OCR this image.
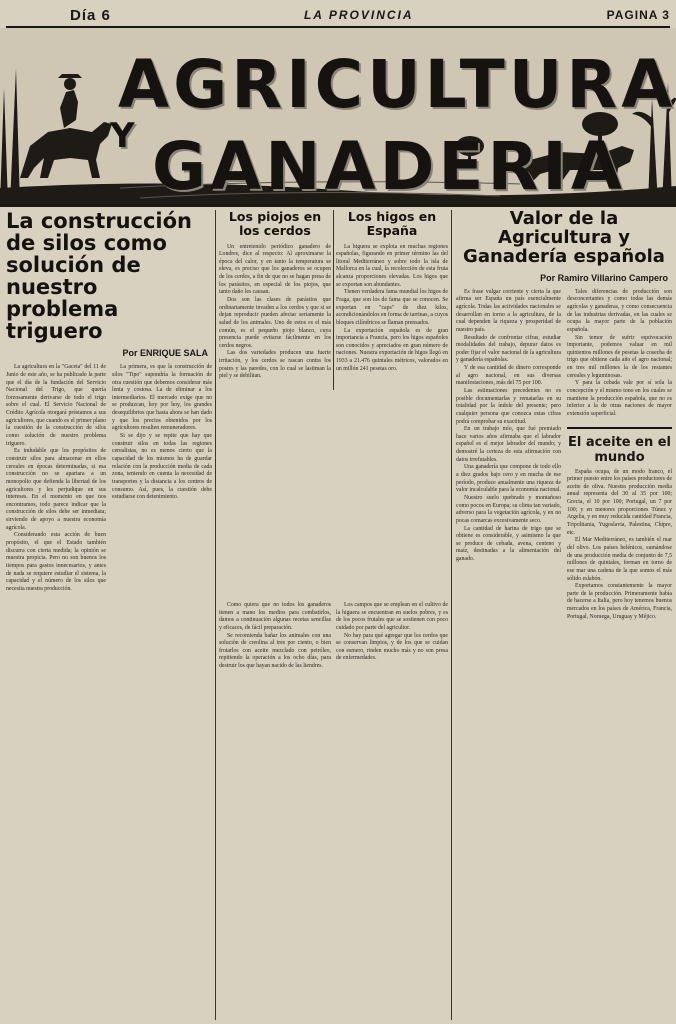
Día 6	LA PROVINCIA	PAGINA 3
AGRICULTURA
Y GANADERIA
La construcción de silos como solución de nuestro problema triguero
Por ENRIQUE SALA

La agricultura en la "Gaceta" del 11 de Junio de este año, se ha publicado la parte que el día de la fundación del Servicio Nacional del Trigo, que quería forzosamente derivarse de todo el trigo sobre el cual. El Servicio Nacional de Crédito Agrícola otorgará préstamos a sus agricultores, que cuando es el primer plano la cuestión de la construcción de silos como solución de nuestro problema triguero.

Es indudable que los propósitos de construir silos para almacenar en ellos cereales en épocas determinadas, si esa construcción no se apartara a un monopolio que defienda la libertad de los agricultores y les perjudique en sus intereses. En el momento en que nos encontramos, todo parece indicar que la construcción de silos debe ser inmediata; sirviendo de apoyo a nuestra economía agrícola.

Considerando esta acción de buen propósito, el que el Estado también discurra con cierta medida; la opinión se muestra propicia. Pero no son buenos los tiempos para gastos innecesarios, y antes de nada se requiere estudiar el sistema, la capacidad y el número de los silos que necesita nuestra producción.

La primera, es que la construcción de silos "Tipo" supondría la formación de otra cuestión que debemos considerar más lenta y costosa. La de eliminar a los intermediarios. El mercado exige que no se produzcan, hoy por hoy, los grandes desequilibrios que hasta ahora se han dado y que los precios obtenidos por los agricultores resulten remuneradores.

Si se dijo y se repite que hay que construir silos en todas las regiones cerealistas, no es menos cierto que la capacidad de los mismos ha de guardar relación con la producción media de cada zona, teniendo en cuenta la necesidad de transportes y la distancia a los centros de consumo. Así, pues, la cuestión debe estudiarse con detenimiento.

Los piojos en los cerdos

Un entretenido periódico ganadero de Londres, dice al respecto: Al aproximarse la época del calor, y en tanto la temperatura se eleva, es preciso que los ganaderos se ocupen de los cerdos, a fin de que no se hagan presa de los parásitos, en especial de los piojos, que tanto daño les causan.

Dos son las clases de parásitos que ordinariamente invaden a los cerdos y que si se dejan reproducir pueden afectar seriamente la salud de los animales. Uno de estos es el más común, es el pequeño piojo blanco, cuya presencia puede evitarse fácilmente en los cerdos negros.

Las dos variedades producen una fuerte irritación, y los cerdos se rascan contra los postes y las paredes, con lo cual se lastiman la piel y se debilitan.

Como quiera que no todos los ganaderos tienen a mano los medios para combatirlos, damos a continuación algunas recetas sencillas y eficaces, de fácil preparación.

Se recomienda bañar los animales con una solución de creolina al tres por ciento, o bien frotarlos con aceite mezclado con petróleo, repitiendo la operación a los ocho días, para destruir los que hayan nacido de las liendres.

Los higos en España

La higuera se explota en muchas regiones españolas, figurando en primer término las del litoral Mediterráneo y sobre todo la isla de Mallorca en la cual, la recolección de esta fruta alcanza proporciones elevadas. Los higos que se exportan son abundantes.

Tienen verdadera fama mundial los higos de Fraga, que son los de fama que se conocen. Se exportan en "caps" de diez kilos, acondicionándolos en forma de tarrinas, a cuyos bloques cilíndricos se llaman prensados.

La exportación española es de gran importancia a Francia, pero los higos españoles son conocidos y apreciados en gran número de naciones. Nuestra exportación de higos llegó en 1933 a 21.476 quintales métricos, valorados en un millón 241 pesetas oro.

Los campos que se emplean en el cultivo de la higuera se encuentran en suelos pobres, y es de los pocos frutales que se sostienen con poco cuidado por parte del agricultor.

No hay para qué agregar que los cerdos que se conservan limpios, y de los que se cuidan con esmero, rinden mucho más y no son presa de enfermedades.

Valor de la Agricultura y Ganadería española
Por Ramiro Villarino Campero

Es frase vulgar corriente y cierta la que afirma ser España un país esencialmente agrícola. Todas las actividades nacionales se desarrollan en torno a la agricultura, de la cual dependen la riqueza y prosperidad de nuestro país.

Resultado de confrontar cifras, estudiar modalidades del trabajo, depurar datos es poder fijar el valor nacional de la agricultura y ganadería españolas.

Y de esa cantidad de dinero corresponde al agro nacional, en sus diversas manifestaciones, más del 75 por 100.

Las estimaciones precedentes no es posible documentarlas y rematarlas en su totalidad por la índole del presente; pero cualquier persona que conozca estas cifras podrá comprobar su exactitud.

En un trabajo mío, que fué premiado hace varios años afirmaba que el labrador español es el mejor labrador del mundo; y demostré la certeza de esta afirmación con datos irrefutables.

Una ganadería que compone de todo ello a diez grados bajo cero y en mucha de ese período, produce anualmente una riqueza de valor incalculable para la economía nacional.

Nuestro suelo quebrado y montañoso como pocos en Europa; su clima tan variado, adverso para la vegetación agrícola, y en no pocas comarcas excesivamente seco.

La cantidad de harina de trigo que se obtiene es considerable, y asimismo la que se produce de cebada, avena, centeno y maíz, destinadas a la alimentación del ganado.

Tales diferencias de producción son desconcertantes y como todas las demás agrícolas y ganaderas, y como consecuencia de las industrias derivadas, en las cuales se ocupa la mayor parte de la población española.

Sin temor de sufrir equivocación importante, podemos valuar en mil quinientos millones de pesetas la cosecha de trigo que obtiene cada año el agro nacional; en tres mil millones la de los restantes cereales y leguminosas.

Y para la cebada vale por sí sola la concepción y el mismo tono en los cuales se mantiene la producción española, que no es inferior a la de otras naciones de mayor extensión superficial.

El aceite en el mundo

España ocupa, de un modo franco, el primer puesto entre los países productores de aceite de oliva. Nuestra producción media anual representa del 30 al 35 por 100; Grecia, el 10 por 100; Portugal, un 7 por 100; y en menores proporciones Túnez y Argelia, y en muy reducida cantidad Francia, Tripolitania, Yugoslavia, Palestina, Chipre, etc.

El Mar Mediterráneo, es también el mar del olivo. Los países helénicos, sumándose de una producción media de conjunto de 7,5 millones de quintales, forman en torno de ese mar una cadena de la que somos el más sólido eslabón.

Exportamos constantemente la mayor parte de la producción. Primeramente había de hacerse a Italia, pero hoy tenemos buenos mercados en los países de América, Francia, Portugal, Noruega, Uruguay y Méjico.
